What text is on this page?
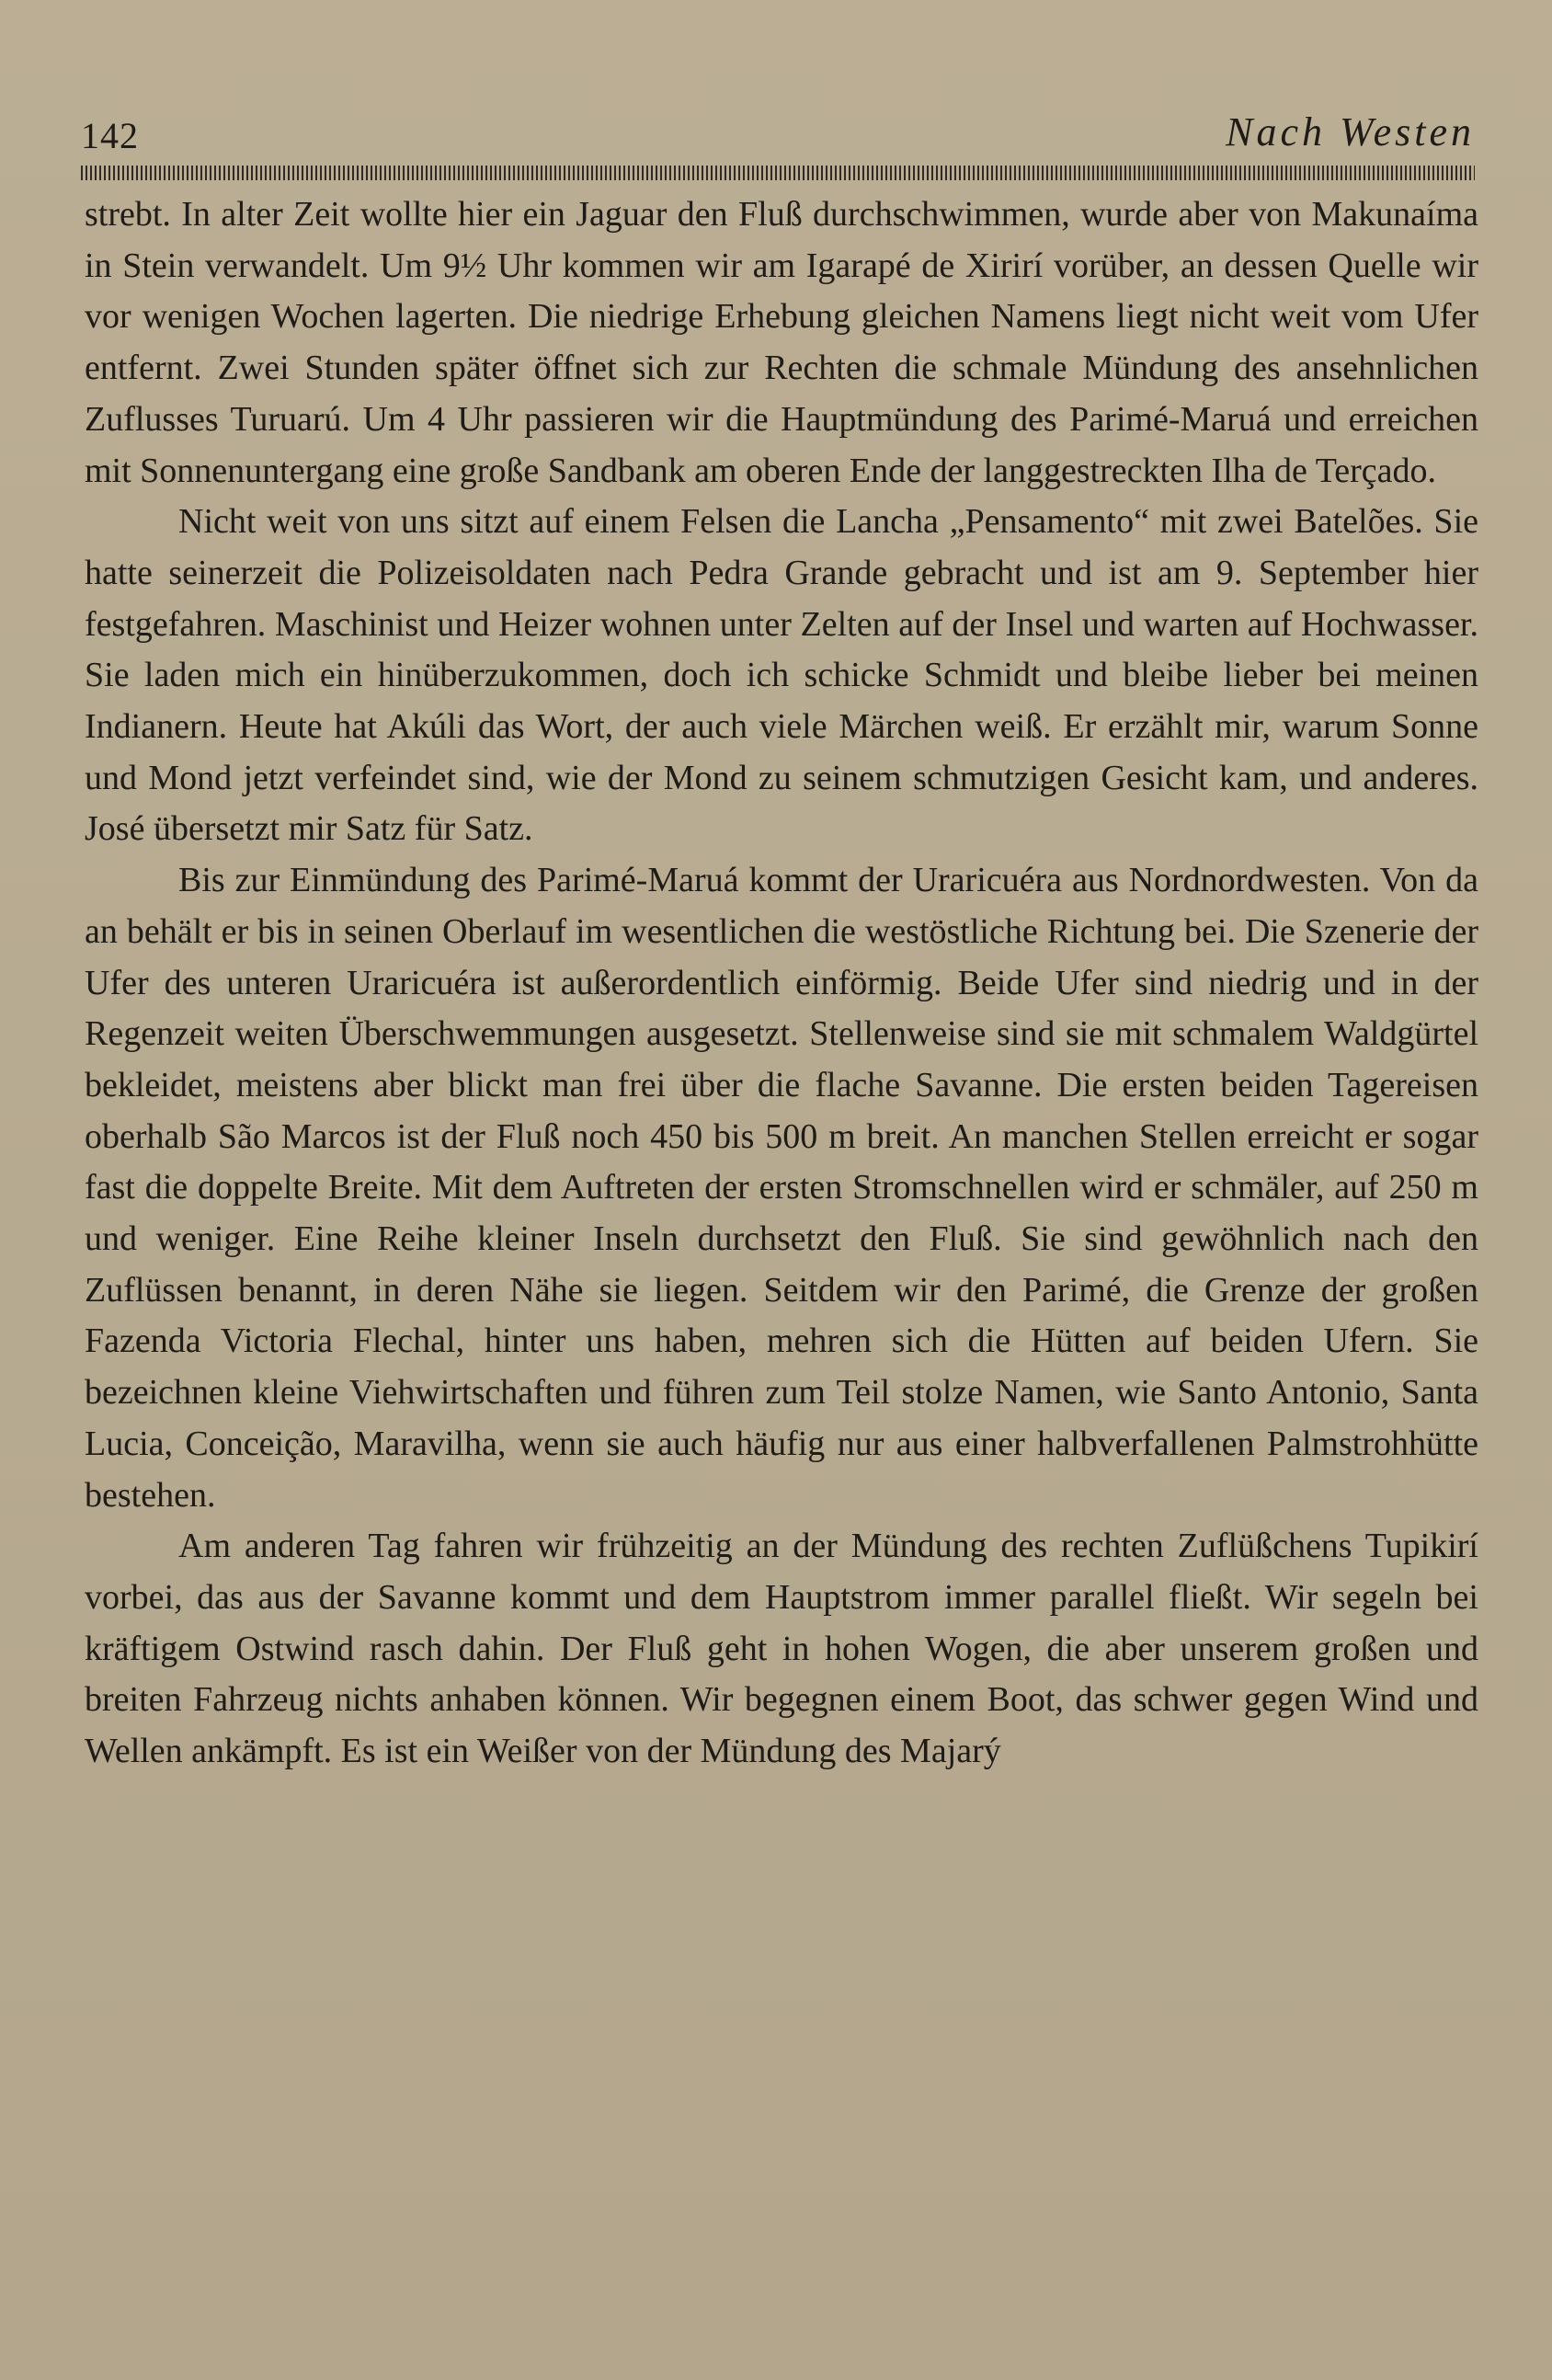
142	Nach Westen

strebt. In alter Zeit wollte hier ein Jaguar den Fluß durchschwimmen, wurde aber von Makunaíma in Stein verwandelt. Um 9½ Uhr kommen wir am Igarapé de Xirirí vorüber, an dessen Quelle wir vor wenigen Wochen lagerten. Die niedrige Erhebung gleichen Namens liegt nicht weit vom Ufer entfernt. Zwei Stunden später öffnet sich zur Rechten die schmale Mündung des ansehnlichen Zuflusses Turuarú. Um 4 Uhr passieren wir die Hauptmündung des Parimé-Maruá und erreichen mit Sonnenuntergang eine große Sandbank am oberen Ende der langgestreckten Ilha de Terçado.

Nicht weit von uns sitzt auf einem Felsen die Lancha „Pensamento“ mit zwei Batelões. Sie hatte seinerzeit die Polizeisoldaten nach Pedra Grande gebracht und ist am 9. September hier festgefahren. Maschinist und Heizer wohnen unter Zelten auf der Insel und warten auf Hochwasser. Sie laden mich ein hinüberzukommen, doch ich schicke Schmidt und bleibe lieber bei meinen Indianern. Heute hat Akúli das Wort, der auch viele Märchen weiß. Er erzählt mir, warum Sonne und Mond jetzt verfeindet sind, wie der Mond zu seinem schmutzigen Gesicht kam, und anderes. José übersetzt mir Satz für Satz.

Bis zur Einmündung des Parimé-Maruá kommt der Uraricuéra aus Nordnordwesten. Von da an behält er bis in seinen Oberlauf im wesentlichen die westöstliche Richtung bei. Die Szenerie der Ufer des unteren Uraricuéra ist außerordentlich einförmig. Beide Ufer sind niedrig und in der Regenzeit weiten Überschwemmungen ausgesetzt. Stellenweise sind sie mit schmalem Waldgürtel bekleidet, meistens aber blickt man frei über die flache Savanne. Die ersten beiden Tagereisen oberhalb São Marcos ist der Fluß noch 450 bis 500 m breit. An manchen Stellen erreicht er sogar fast die doppelte Breite. Mit dem Auftreten der ersten Stromschnellen wird er schmäler, auf 250 m und weniger. Eine Reihe kleiner Inseln durchsetzt den Fluß. Sie sind gewöhnlich nach den Zuflüssen benannt, in deren Nähe sie liegen. Seitdem wir den Parimé, die Grenze der großen Fazenda Victoria Flechal, hinter uns haben, mehren sich die Hütten auf beiden Ufern. Sie bezeichnen kleine Viehwirtschaften und führen zum Teil stolze Namen, wie Santo Antonio, Santa Lucia, Conceição, Maravilha, wenn sie auch häufig nur aus einer halbverfallenen Palmstrohhütte bestehen.

Am anderen Tag fahren wir frühzeitig an der Mündung des rechten Zuflüßchens Tupikirí vorbei, das aus der Savanne kommt und dem Hauptstrom immer parallel fließt. Wir segeln bei kräftigem Ostwind rasch dahin. Der Fluß geht in hohen Wogen, die aber unserem großen und breiten Fahrzeug nichts anhaben können. Wir begegnen einem Boot, das schwer gegen Wind und Wellen ankämpft. Es ist ein Weißer von der Mündung des Majarý
